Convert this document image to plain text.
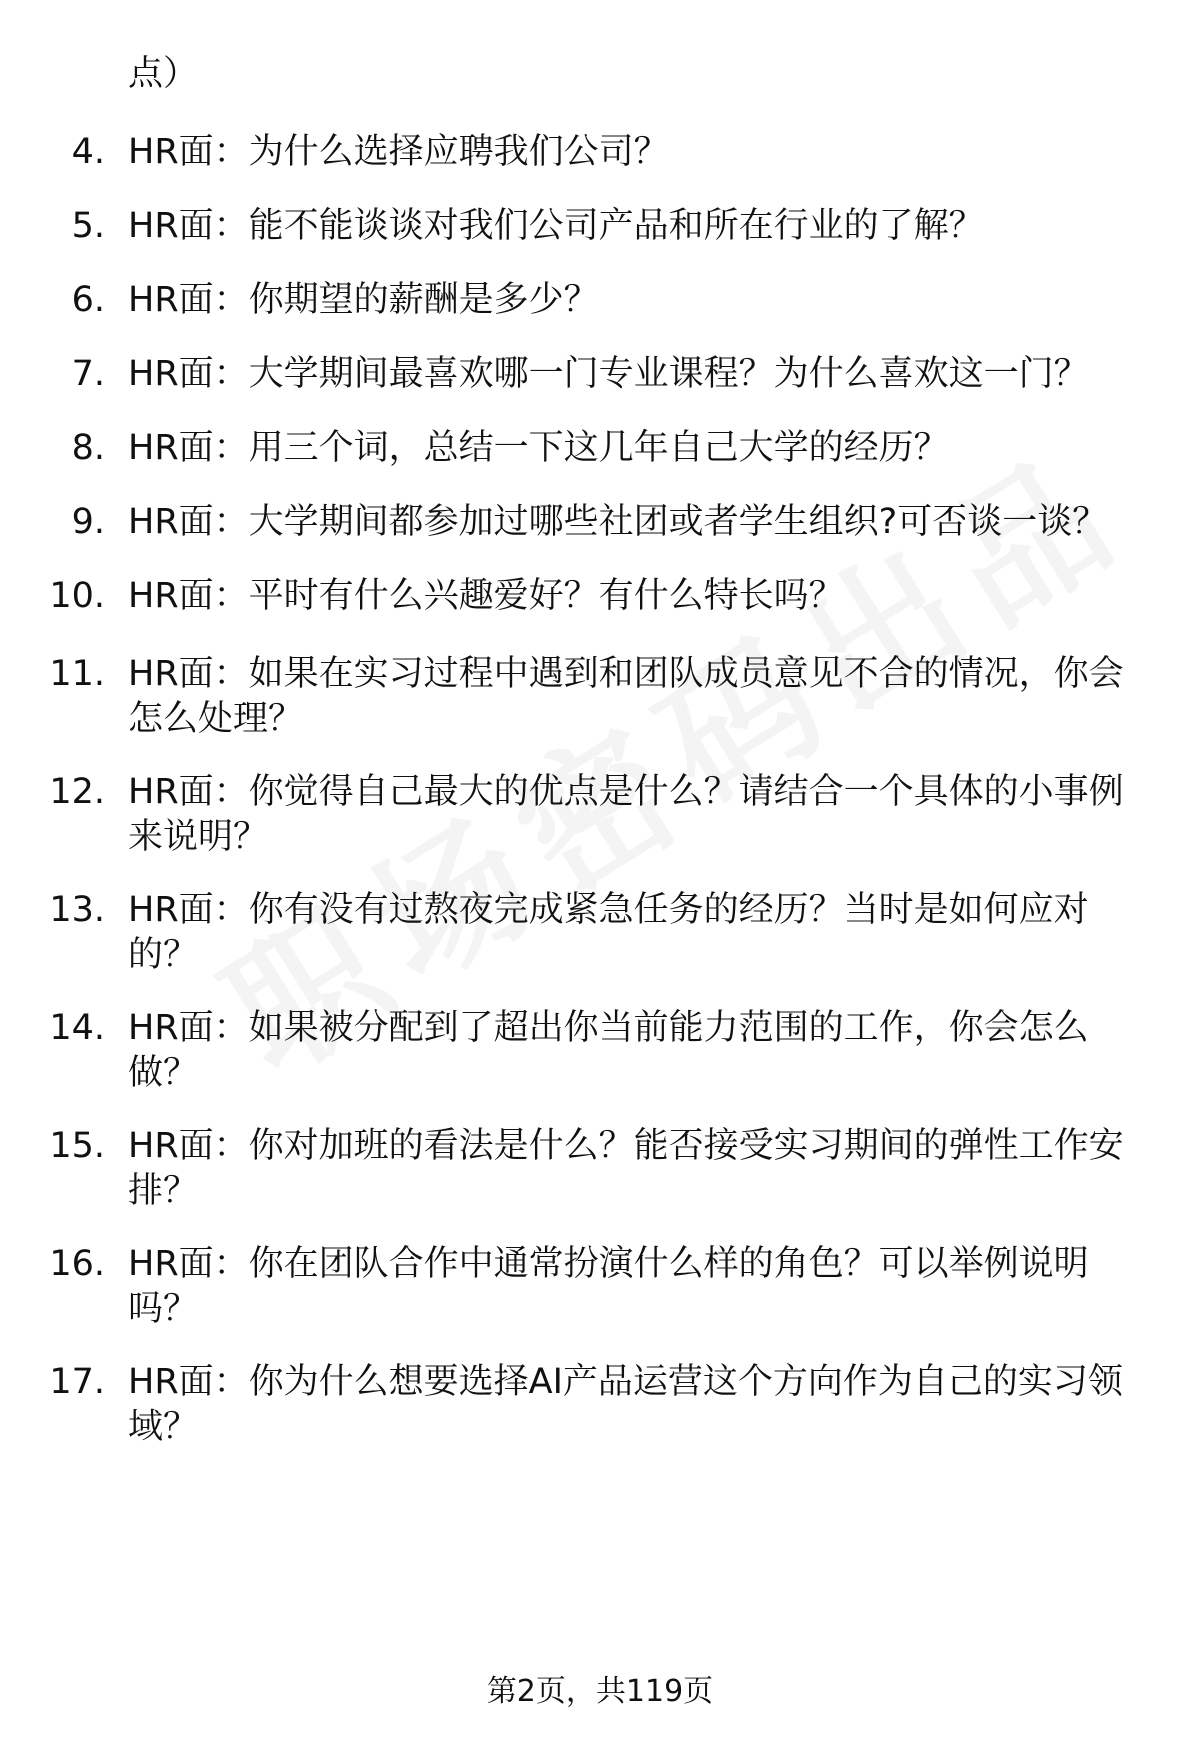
点）
4. HR面：为什么选择应聘我们公司？
5. HR面：能不能谈谈对我们公司产品和所在行业的了解？
6. HR面：你期望的薪酬是多少？
7. HR面：大学期间最喜欢哪一门专业课程？为什么喜欢这一门？
8. HR面：用三个词，总结一下这几年自己大学的经历？
9. HR面：大学期间都参加过哪些社团或者学生组织?可否谈一谈？
10. HR面：平时有什么兴趣爱好？有什么特长吗？
11. HR面：如果在实习过程中遇到和团队成员意见不合的情况，你会
怎么处理？
12. HR面：你觉得自己最大的优点是什么？请结合一个具体的小事例
来说明？
13. HR面：你有没有过熬夜完成紧急任务的经历？当时是如何应对
的？
14. HR面：如果被分配到了超出你当前能力范围的工作，你会怎么
做？
15. HR面：你对加班的看法是什么？能否接受实习期间的弹性工作安
排？
16. HR面：你在团队合作中通常扮演什么样的角色？可以举例说明
吗？
17. HR面：你为什么想要选择AI产品运营这个方向作为自己的实习领
域？
第2页，共119页
